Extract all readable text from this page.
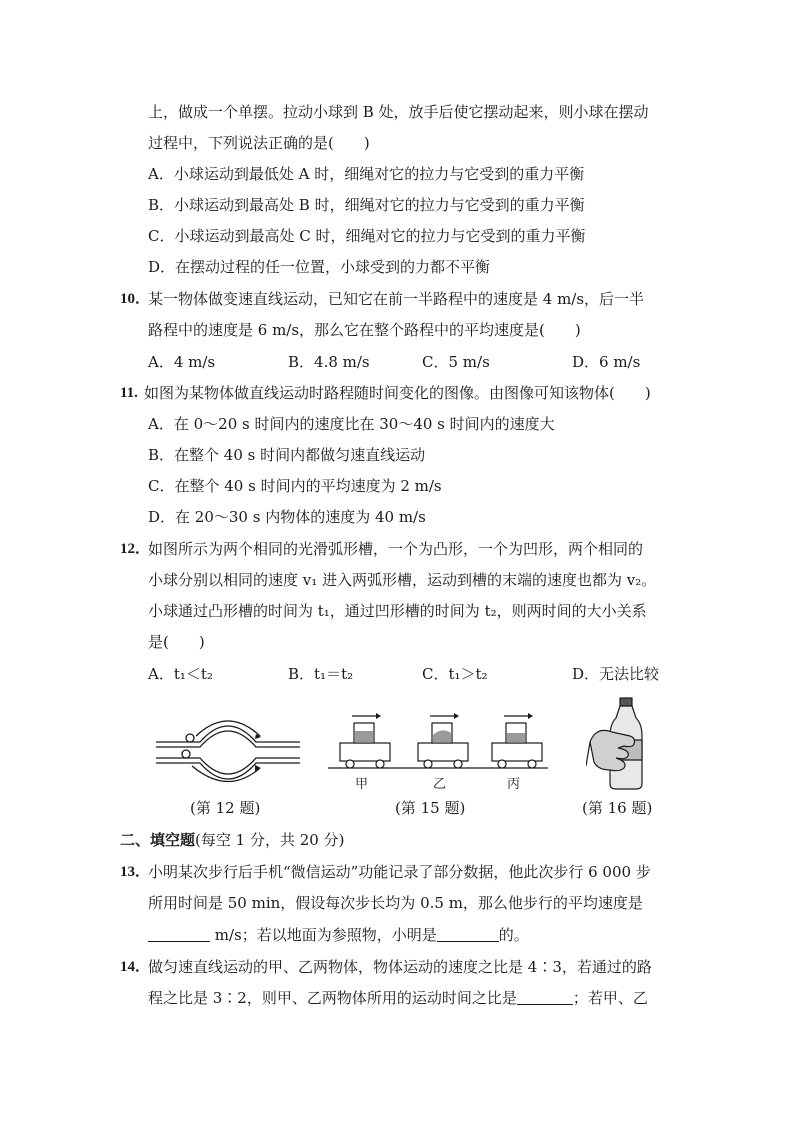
上，做成一个单摆。拉动小球到 B 处，放手后使它摆动起来，则小球在摆动
过程中，下列说法正确的是(　　)
A．小球运动到最低处 A 时，细绳对它的拉力与它受到的重力平衡
B．小球运动到最高处 B 时，细绳对它的拉力与它受到的重力平衡
C．小球运动到最高处 C 时，细绳对它的拉力与它受到的重力平衡
D．在摆动过程的任一位置，小球受到的力都不平衡
10．
某一物体做变速直线运动，已知它在前一半路程中的速度是 4 m/s，后一半
路程中的速度是 6 m/s，那么它在整个路程中的平均速度是(　　)
A．4 m/s	B．4.8 m/s	C．5 m/s	D．6 m/s
11. 如图为某物体做直线运动时路程随时间变化的图像。由图像可知该物体(　　)
A．在 0～20 s 时间内的速度比在 30～40 s 时间内的速度大
B．在整个 40 s 时间内都做匀速直线运动
C．在整个 40 s 时间内的平均速度为 2 m/s
D．在 20～30 s 内物体的速度为 40 m/s
12．
如图所示为两个相同的光滑弧形槽，一个为凸形，一个为凹形，两个相同的
小球分别以相同的速度 v₁ 进入两弧形槽，运动到槽的末端的速度也都为 v₂。
小球通过凸形槽的时间为 t₁，通过凹形槽的时间为 t₂，则两时间的大小关系
是(　　)
A．t₁＜t₂	B．t₁＝t₂	C．t₁＞t₂	D．无法比较
甲	乙	丙
(第 12 题)	(第 15 题)	(第 16 题)
二、填空题(每空 1 分，共 20 分)
13．
小明某次步行后手机“微信运动”功能记录了部分数据，他此次步行 6 000 步
所用时间是 50 min，假设每次步长均为 0.5 m，那么他步行的平均速度是
m/s；若以地面为参照物，小明是	的。
14．
做匀速直线运动的甲、乙两物体，物体运动的速度之比是 4∶3，若通过的路
程之比是 3∶2，则甲、乙两物体所用的运动时间之比是	；若甲、乙
